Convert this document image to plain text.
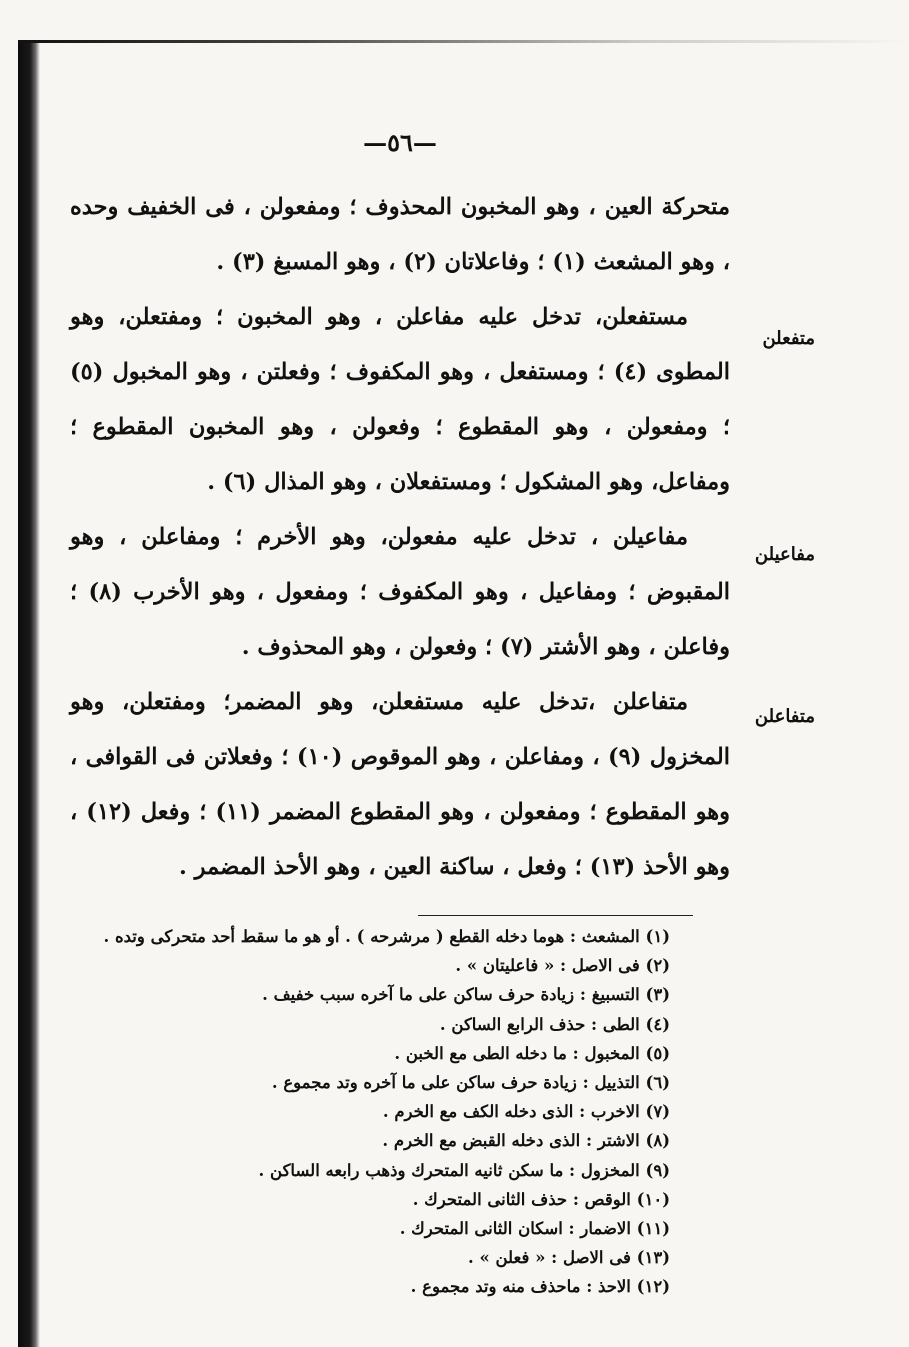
—٥٦—

متحركة العين ، وهو المخبون المحذوف ؛ ومفعولن ، فى الخفيف وحده ، وهو المشعث (١) ؛ وفاعلاتان (٢) ، وهو المسبغ (٣) .

مستفعلن، تدخل عليه مفاعلن ، وهو المخبون ؛ ومفتعلن، وهو المطوى (٤) ؛ ومستفعل ، وهو المكفوف ؛ وفعلتن ، وهو المخبول (٥) ؛ ومفعولن ، وهو المقطوع ؛ وفعولن ، وهو المخبون المقطوع ؛ ومفاعل، وهو المشكول ؛ ومستفعلان ، وهو المذال (٦) .

مفاعيلن ، تدخل عليه مفعولن، وهو الأخرم ؛ ومفاعلن ، وهو المقبوض ؛ ومفاعيل ، وهو المكفوف ؛ ومفعول ، وهو الأخرب (٨) ؛ وفاعلن ، وهو الأشتر (٧) ؛ وفعولن ، وهو المحذوف .

متفاعلن ،تدخل عليه مستفعلن، وهو المضمر؛ ومفتعلن، وهو المخزول (٩) ، ومفاعلن ، وهو الموقوص (١٠) ؛ وفعلاتن فى القوافى ، وهو المقطوع ؛ ومفعولن ، وهو المقطوع المضمر (١١) ؛ وفعل (١٢) ، وهو الأحذ (١٣) ؛ وفعل ، ساكنة العين ، وهو الأحذ المضمر .

متفعلن
مفاعيلن
متفاعلن
(١) المشعث : هوما دخله القطع ( مرشرحه ) . أو هو ما سقط أحد متحركى وتده .
(٢) فى الاصل : « فاعليتان » .
(٣) التسبيغ : زيادة حرف ساكن على ما آخره سبب خفيف .
(٤) الطى : حذف الرابع الساكن .
(٥) المخبول : ما دخله الطى مع الخبن .
(٦) التذييل : زيادة حرف ساكن على ما آخره وتد مجموع .
(٧) الاخرب : الذى دخله الكف مع الخرم .
(٨) الاشتر : الذى دخله القبض مع الخرم .
(٩) المخزول : ما سكن ثانيه المتحرك وذهب رابعه الساكن .
(١٠) الوقص : حذف الثانى المتحرك .
(١١) الاضمار : اسكان الثانى المتحرك .
(١٣) فى الاصل : « فعلن » .
(١٢) الاحذ : ماحذف منه وتد مجموع .
